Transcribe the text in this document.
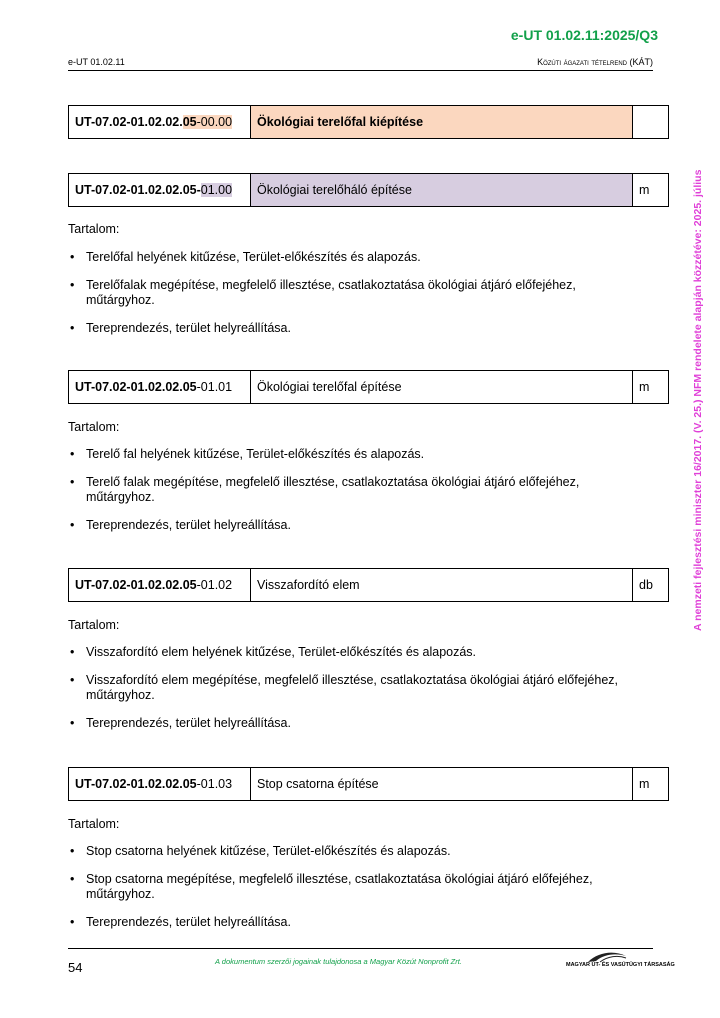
e-UT 01.02.11:2025/Q3
e-UT 01.02.11	Közúti ágazati tételrend (KÁT)
A nemzeti fejlesztési miniszter 16/2017. (V. 25.) NFM rendelete alapján közzétéve: 2025. július
UT-07.02-01.02.02.05-00.00	Ökológiai terelőfal kiépítése	
UT-07.02-01.02.02.05-01.00	Ökológiai terelőháló építése	m
Tartalom:
• Terelőfal helyének kitűzése, Terület-előkészítés és alapozás.
• Terelőfalak megépítése, megfelelő illesztése, csatlakoztatása ökológiai átjáró előfejéhez, műtárgyhoz.
• Tereprendezés, terület helyreállítása.
UT-07.02-01.02.02.05-01.01	Ökológiai terelőfal építése	m
Tartalom:
• Terelő fal helyének kitűzése, Terület-előkészítés és alapozás.
• Terelő falak megépítése, megfelelő illesztése, csatlakoztatása ökológiai átjáró előfejéhez, műtárgyhoz.
• Tereprendezés, terület helyreállítása.
UT-07.02-01.02.02.05-01.02	Visszafordító elem	db
Tartalom:
• Visszafordító elem helyének kitűzése, Terület-előkészítés és alapozás.
• Visszafordító elem megépítése, megfelelő illesztése, csatlakoztatása ökológiai átjáró előfejéhez, műtárgyhoz.
• Tereprendezés, terület helyreállítása.
UT-07.02-01.02.02.05-01.03	Stop csatorna építése	m
Tartalom:
• Stop csatorna helyének kitűzése, Terület-előkészítés és alapozás.
• Stop csatorna megépítése, megfelelő illesztése, csatlakoztatása ökológiai átjáró előfejéhez, műtárgyhoz.
• Tereprendezés, terület helyreállítása.
54	A dokumentum szerzői jogainak tulajdonosa a Magyar Közút Nonprofit Zrt.	MAGYAR ÚT- ÉS VASÚTÜGYI TÁRSASÁG
